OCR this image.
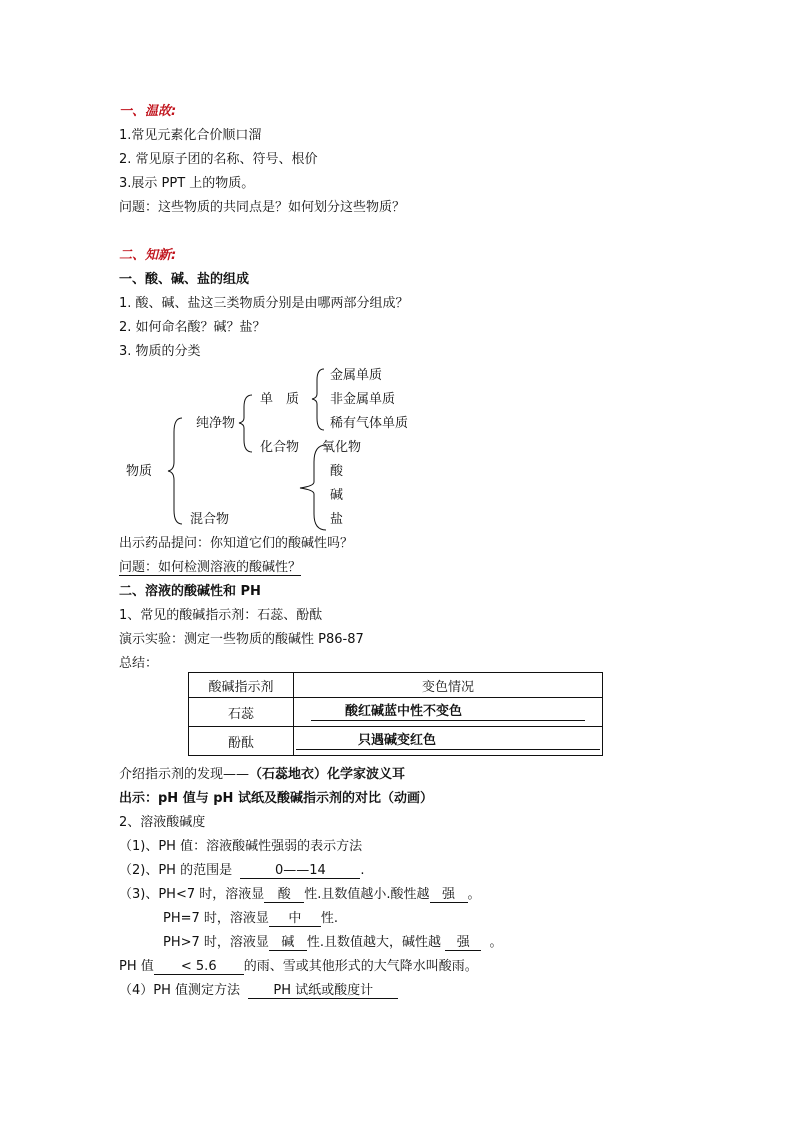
一、温故:
1.常见元素化合价顺口溜
2. 常见原子团的名称、符号、根价
3.展示 PPT 上的物质。
问题：这些物质的共同点是？如何划分这些物质？
二、知新:
一、酸、碱、盐的组成
1. 酸、碱、盐这三类物质分别是由哪两部分组成？
2. 如何命名酸？碱？盐？
3. 物质的分类
物质
纯净物
混合物
单　质
化合物
金属单质
非金属单质
稀有气体单质
氧化物
酸
碱
盐
出示药品提问：你知道它们的酸碱性吗？
问题：如何检测溶液的酸碱性？
二、溶液的酸碱性和 PH
1、常见的酸碱指示剂：石蕊、酚酞
演示实验：测定一些物质的酸碱性 P86-87
总结：
酸碱指示剂	变色情况
石蕊	酸红碱蓝中性不变色
酚酞	只遇碱变红色
介绍指示剂的发现——（石蕊地衣）化学家波义耳
出示：pH 值与 pH 试纸及酸碱指示剂的对比（动画）
2、溶液酸碱度
（1)、PH 值：溶液酸碱性强弱的表示方法
（2)、PH 的范围是	0——14	.
（3)、PH<7 时，溶液显 酸 性.且数值越小.酸性越 强 。
PH=7 时，溶液显 中 性.
PH>7 时，溶液显 碱 性.且数值越大，碱性越 强 。
PH 值 < 5.6 的雨、雪或其他形式的大气降水叫酸雨。
（4）PH 值测定方法	PH 试纸或酸度计
